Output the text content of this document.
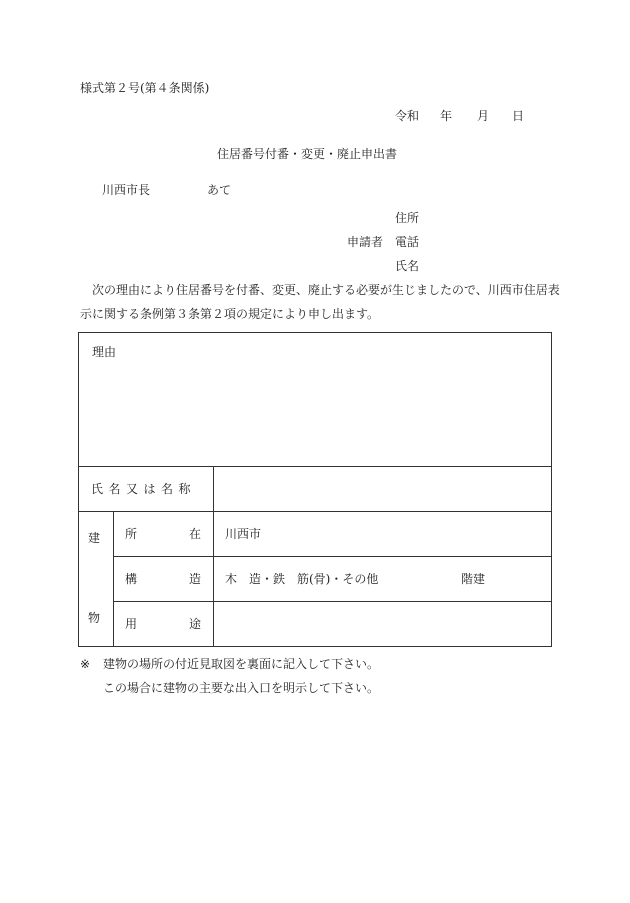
様式第２号(第４条関係)
令和 年 月 日
住居番号付番・変更・廃止申出書
川西市長	あて
住所
申請者 電話
氏名
次の理由により住居番号を付番、変更、廃止する必要が生じましたので、川西市住居表
示に関する条例第３条第２項の規定により申し出ます。
理由
氏名又は名称
建
物
所	在 川西市
構	造 木　造・鉄　筋(骨)・その他	階建
用	途
※ 建物の場所の付近見取図を裏面に記入して下さい。
この場合に建物の主要な出入口を明示して下さい。
